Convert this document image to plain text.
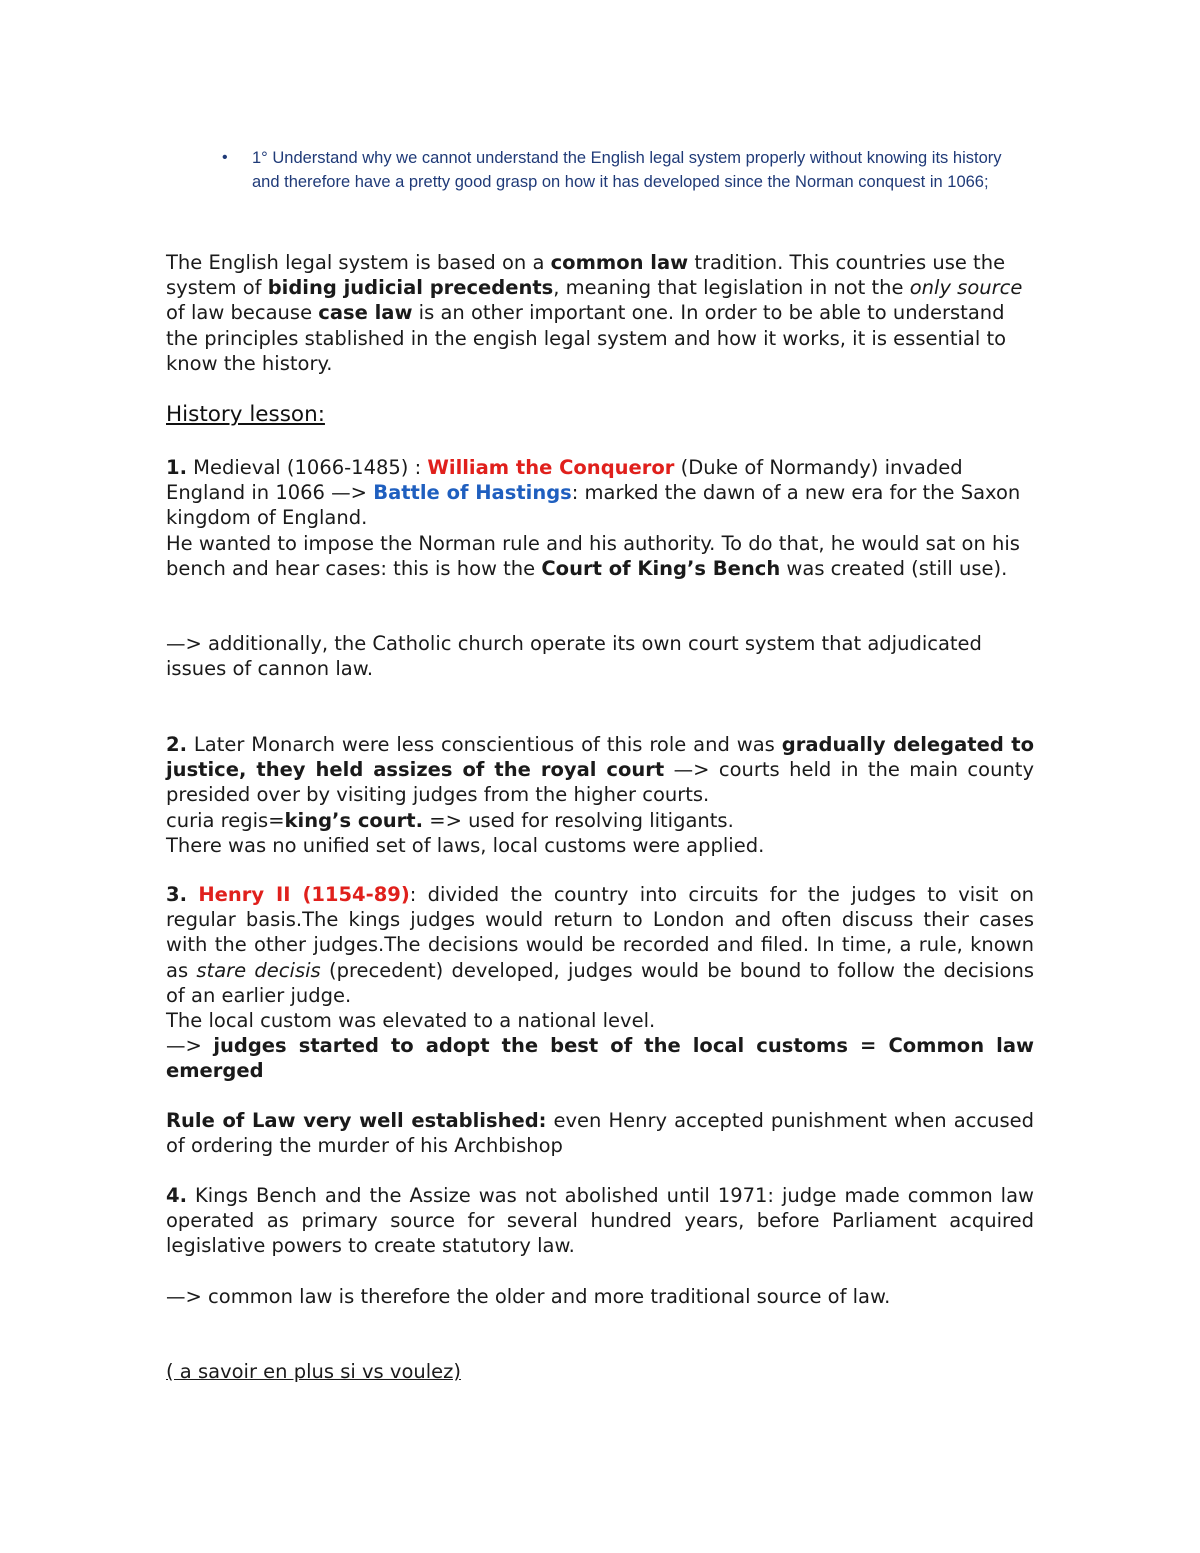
• 1° Understand why we cannot understand the English legal system properly without knowing its history and therefore have a pretty good grasp on how it has developed since the Norman conquest in 1066;
The English legal system is based on a common law tradition. This countries use the system of biding judicial precedents, meaning that legislation in not the only source of law because case law is an other important one. In order to be able to understand the principles stablished in the engish legal system and how it works, it is essential to know the history.
History lesson:
1. Medieval (1066-1485) : William the Conqueror (Duke of Normandy) invaded England in 1066 —> Battle of Hastings: marked the dawn of a new era for the Saxon kingdom of England.
He wanted to impose the Norman rule and his authority. To do that, he would sat on his bench and hear cases: this is how the Court of King’s Bench was created (still use).
—> additionally, the Catholic church operate its own court system that adjudicated issues of cannon law.
2. Later Monarch were less conscientious of this role and was gradually delegated to justice, they held assizes of the royal court —> courts held in the main county presided over by visiting judges from the higher courts.
curia regis=king’s court. => used for resolving litigants.
There was no unified set of laws, local customs were applied.
3. Henry II (1154-89): divided the country into circuits for the judges to visit on regular basis.The kings judges would return to London and often discuss their cases with the other judges.The decisions would be recorded and filed. In time, a rule, known as stare decisis (precedent) developed, judges would be bound to follow the decisions of an earlier judge.
The local custom was elevated to a national level.
—> judges started to adopt the best of the local customs = Common law emerged
Rule of Law very well established: even Henry accepted punishment when accused of ordering the murder of his Archbishop
4. Kings Bench and the Assize was not abolished until 1971: judge made common law operated as primary source for several hundred years, before Parliament acquired legislative powers to create statutory law.
—> common law is therefore the older and more traditional source of law.
( a savoir en plus si vs voulez)
